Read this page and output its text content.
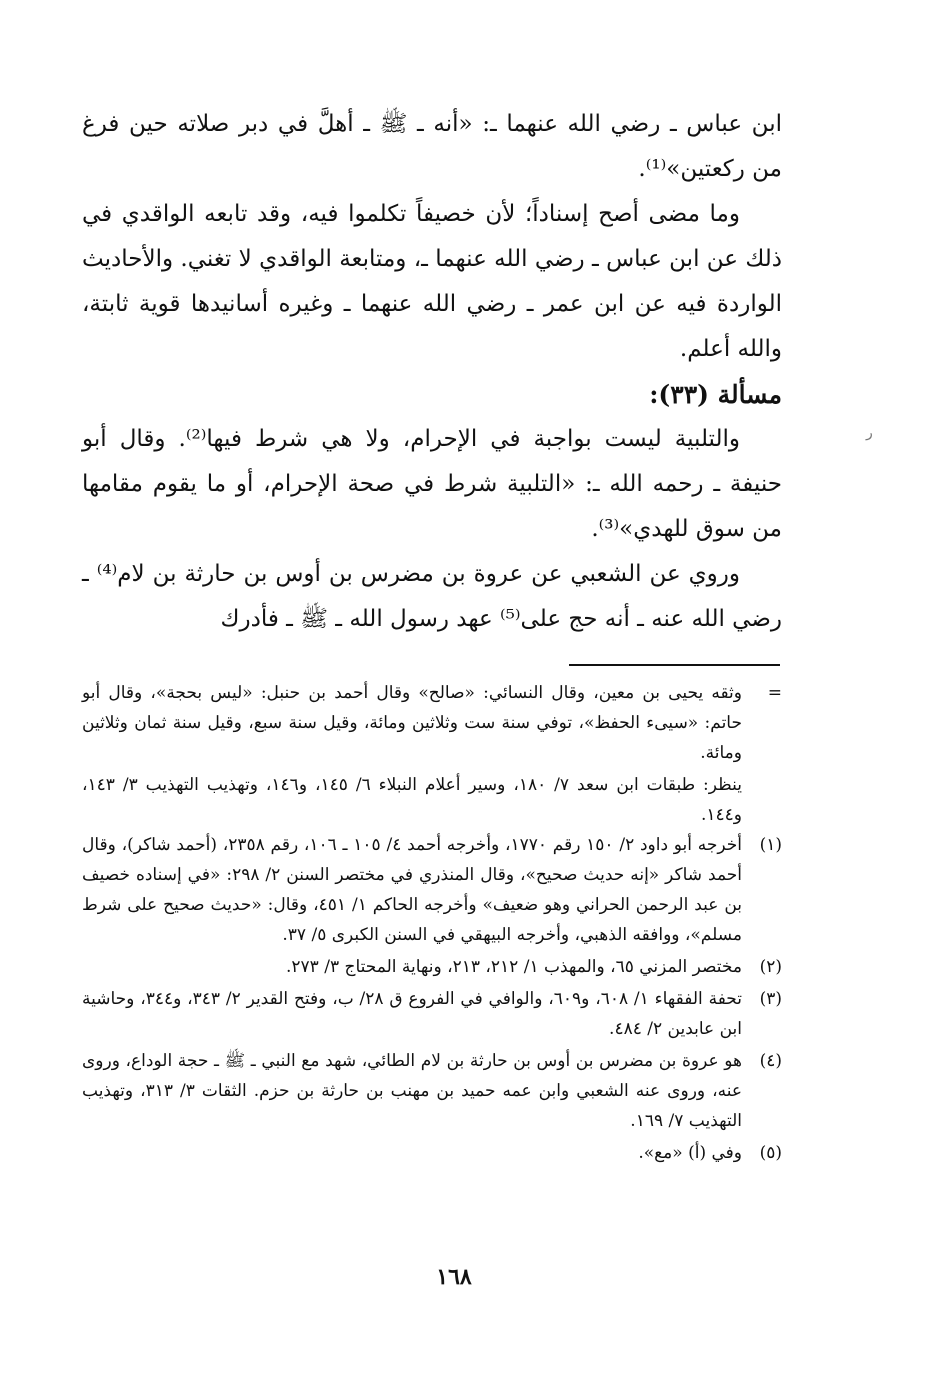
ابن عباس ـ رضي الله عنهما ـ: «أنه ـ ﷺ ـ أهلَّ في دبر صلاته حين فرغ من ركعتين»⁽¹⁾.

وما مضى أصح إسناداً؛ لأن خصيفاً تكلموا فيه، وقد تابعه الواقدي في ذلك عن ابن عباس ـ رضي الله عنهما ـ، ومتابعة الواقدي لا تغني. والأحاديث الواردة فيه عن ابن عمر ـ رضي الله عنهما ـ وغيره أسانيدها قوية ثابتة، والله أعلم.

مسألة (٣٣):

والتلبية ليست بواجبة في الإحرام، ولا هي شرط فيها⁽²⁾. وقال أبو حنيفة ـ رحمه الله ـ: «التلبية شرط في صحة الإحرام، أو ما يقوم مقامها من سوق للهدي»⁽³⁾.

وروي عن الشعبي عن عروة بن مضرس بن أوس بن حارثة بن لام⁽⁴⁾ ـ رضي الله عنه ـ أنه حج على⁽⁵⁾ عهد رسول الله ـ ﷺ ـ فأدرك

ر
=
وثقه يحيى بن معين، وقال النسائي: «صالح» وقال أحمد بن حنبل: «ليس بحجة»، وقال أبو حاتم: «سيىء الحفظ»، توفي سنة ست وثلاثين ومائة، وقيل سنة سبع، وقيل سنة ثمان وثلاثين ومائة.
ينظر: طبقات ابن سعد ٧/ ١٨٠، وسير أعلام النبلاء ٦/ ١٤٥، و١٤٦، وتهذيب التهذيب ٣/ ١٤٣، و١٤٤.
(١)
أخرجه أبو داود ٢/ ١٥٠ رقم ١٧٧٠، وأخرجه أحمد ٤/ ١٠٥ ـ ١٠٦، رقم ٢٣٥٨، (أحمد شاكر)، وقال أحمد شاكر «إنه حديث صحيح»، وقال المنذري في مختصر السنن ٢/ ٢٩٨: «في إسناده خصيف بن عبد الرحمن الحراني وهو ضعيف» وأخرجه الحاكم ١/ ٤٥١، وقال: «حديث صحيح على شرط مسلم»، ووافقه الذهبي، وأخرجه البيهقي في السنن الكبرى ٥/ ٣٧.
(٢)
مختصر المزني ٦٥، والمهذب ١/ ٢١٢، ٢١٣، ونهاية المحتاج ٣/ ٢٧٣.
(٣)
تحفة الفقهاء ١/ ٦٠٨، و٦٠٩، والوافي في الفروع ق ٢٨/ ب، وفتح القدير ٢/ ٣٤٣، و٣٤٤، وحاشية ابن عابدين ٢/ ٤٨٤.
(٤)
هو عروة بن مضرس بن أوس بن حارثة بن لام الطائي، شهد مع النبي ـ ﷺ ـ حجة الوداع، وروى عنه، وروى عنه الشعبي وابن عمه حميد بن مهنب بن حارثة بن حزم. الثقات ٣/ ٣١٣، وتهذيب التهذيب ٧/ ١٦٩.
(٥)
وفي (أ) «مع».
١٦٨
